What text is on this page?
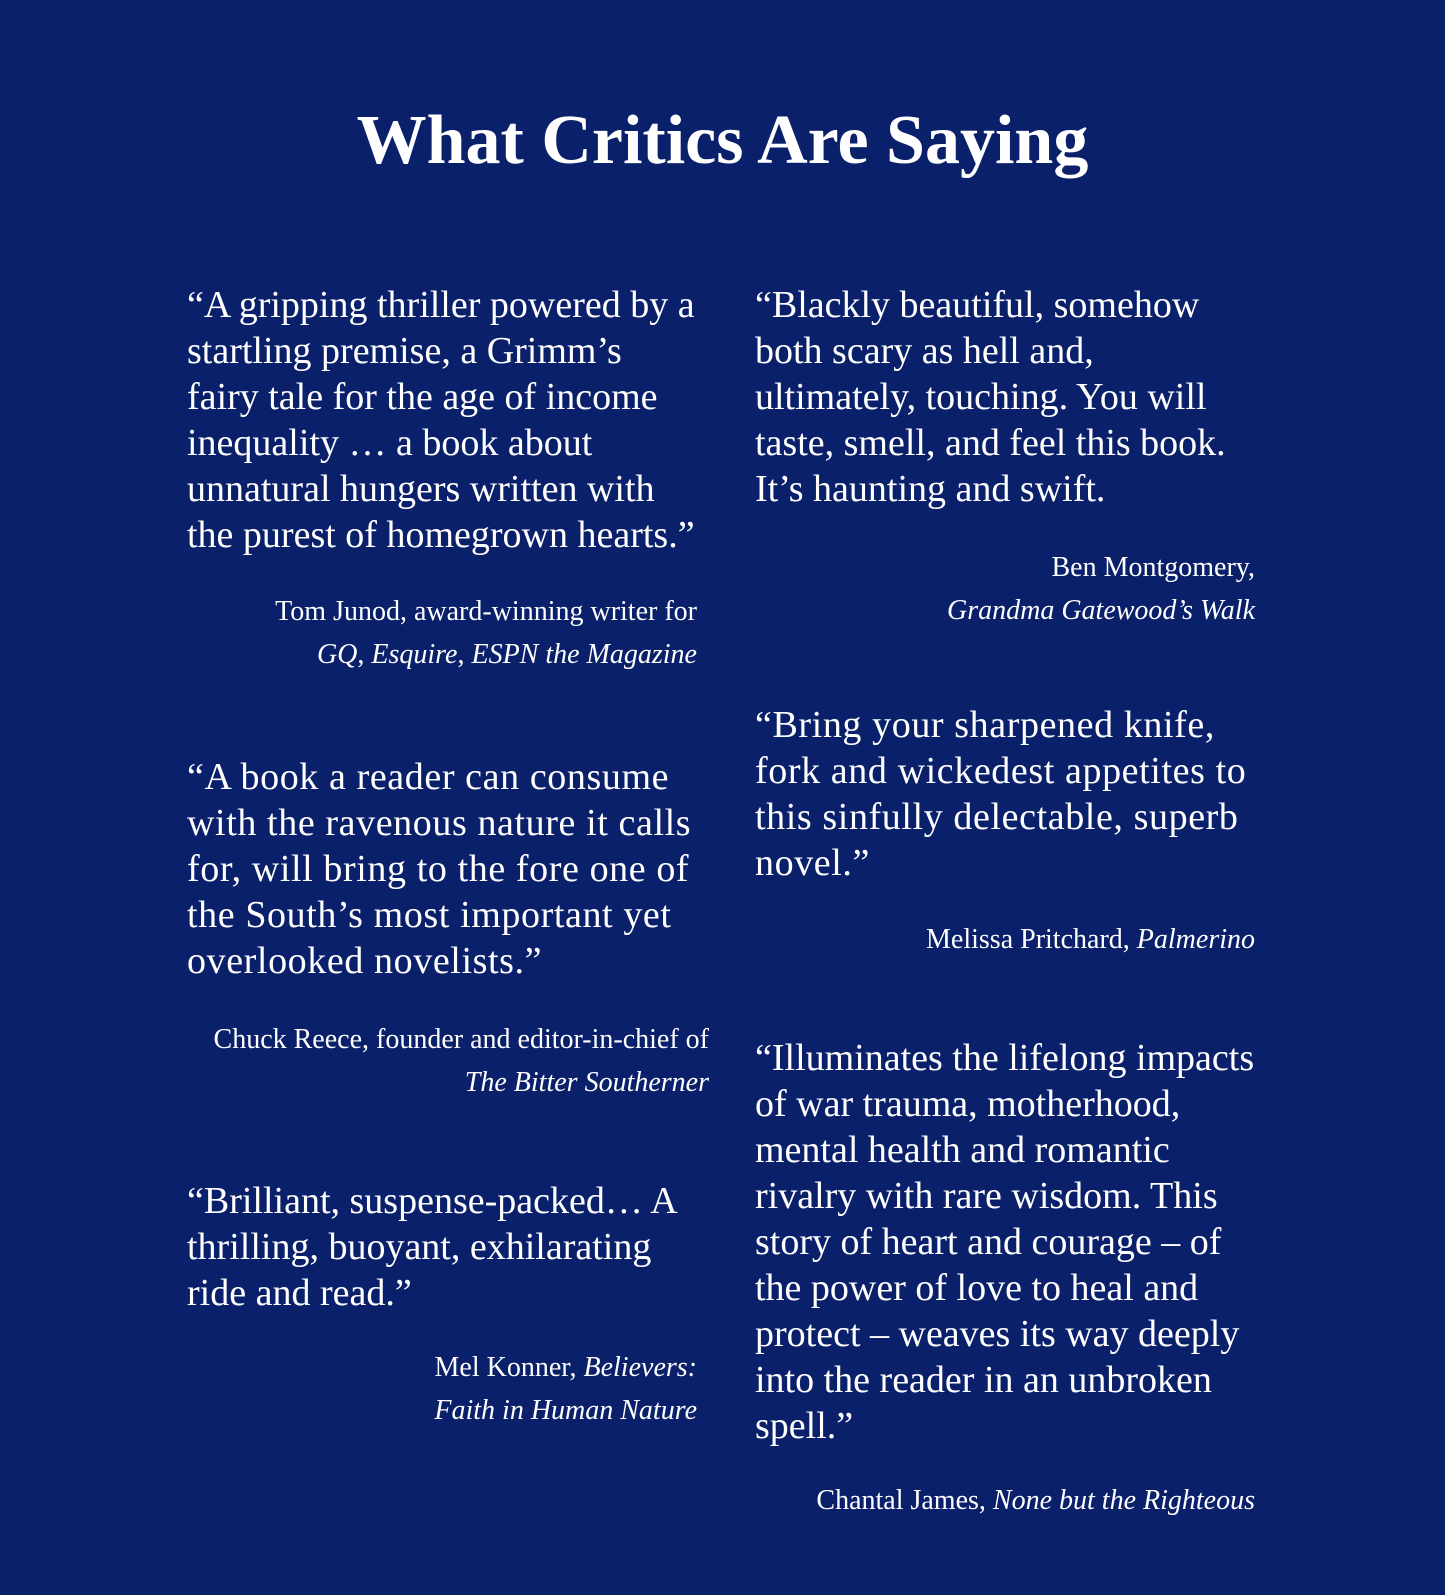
What Critics Are Saying

“A gripping thriller powered by a startling premise, a Grimm’s fairy tale for the age of income inequality … a book about unnatural hungers written with the purest of homegrown hearts.”

Tom Junod, award-winning writer for
GQ, Esquire, ESPN the Magazine

“A book a reader can consume with the ravenous nature it calls for, will bring to the fore one of the South’s most important yet overlooked novelists.”

Chuck Reece, founder and editor-in-chief of The Bitter Southerner

“Brilliant, suspense-packed… A thrilling, buoyant, exhilarating ride and read.”

Mel Konner, Believers: Faith in Human Nature

“Blackly beautiful, somehow both scary as hell and, ultimately, touching. You will taste, smell, and feel this book. It’s haunting and swift.

Ben Montgomery,
Grandma Gatewood’s Walk

“Bring your sharpened knife, fork and wickedest appetites to this sinfully delectable, superb novel.”

Melissa Pritchard, Palmerino

“Illuminates the lifelong impacts of war trauma, motherhood, mental health and romantic rivalry with rare wisdom. This story of heart and courage – of the power of love to heal and protect – weaves its way deeply into the reader in an unbroken spell.”

Chantal James, None but the Righteous
